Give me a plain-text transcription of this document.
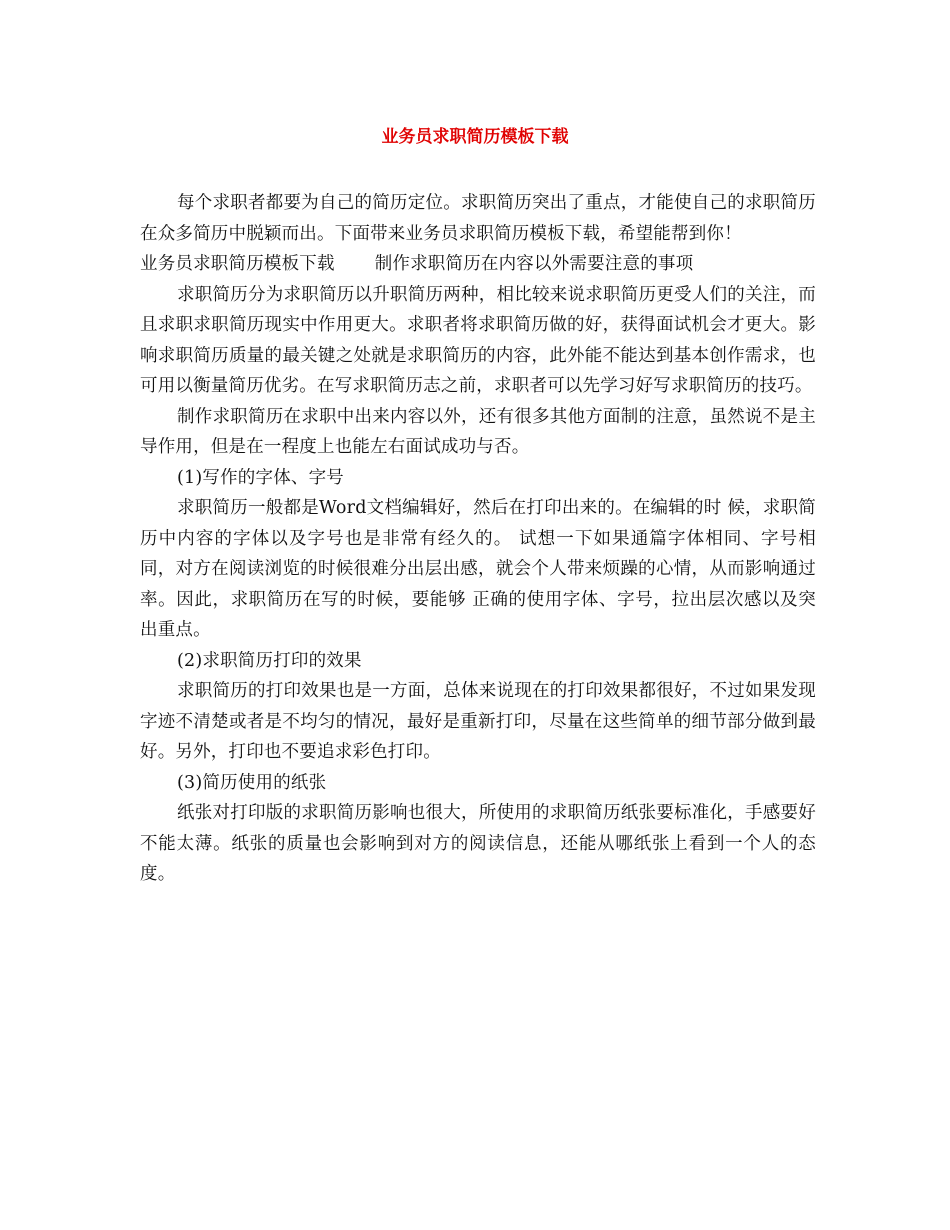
业务员求职简历模板下载

每个求职者都要为自己的简历定位。求职简历突出了重点，才能使自己的求职简历在众多简历中脱颖而出。下面带来业务员求职简历模板下载，希望能帮到你！

业务员求职简历模板下载 制作求职简历在内容以外需要注意的事项

求职简历分为求职简历以升职简历两种，相比较来说求职简历更受人们的关注，而且求职求职简历现实中作用更大。求职者将求职简历做的好，获得面试机会才更大。影响求职简历质量的最关键之处就是求职简历的内容，此外能不能达到基本创作需求，也可用以衡量简历优劣。在写求职简历志之前，求职者可以先学习好写求职简历的技巧。

制作求职简历在求职中出来内容以外，还有很多其他方面制的注意，虽然说不是主导作用，但是在一程度上也能左右面试成功与否。

(1)写作的字体、字号

求职简历一般都是Word文档编辑好，然后在打印出来的。在编辑的时 候，求职简历中内容的字体以及字号也是非常有经久的。 试想一下如果通篇字体相同、字号相同，对方在阅读浏览的时候很难分出层出感，就会个人带来烦躁的心情，从而影响通过率。因此，求职简历在写的时候，要能够 正确的使用字体、字号，拉出层次感以及突出重点。

(2)求职简历打印的效果

求职简历的打印效果也是一方面，总体来说现在的打印效果都很好，不过如果发现字迹不清楚或者是不均匀的情况，最好是重新打印，尽量在这些简单的细节部分做到最好。另外，打印也不要追求彩色打印。

(3)简历使用的纸张

纸张对打印版的求职简历影响也很大，所使用的求职简历纸张要标准化，手感要好不能太薄。纸张的质量也会影响到对方的阅读信息，还能从哪纸张上看到一个人的态度。
